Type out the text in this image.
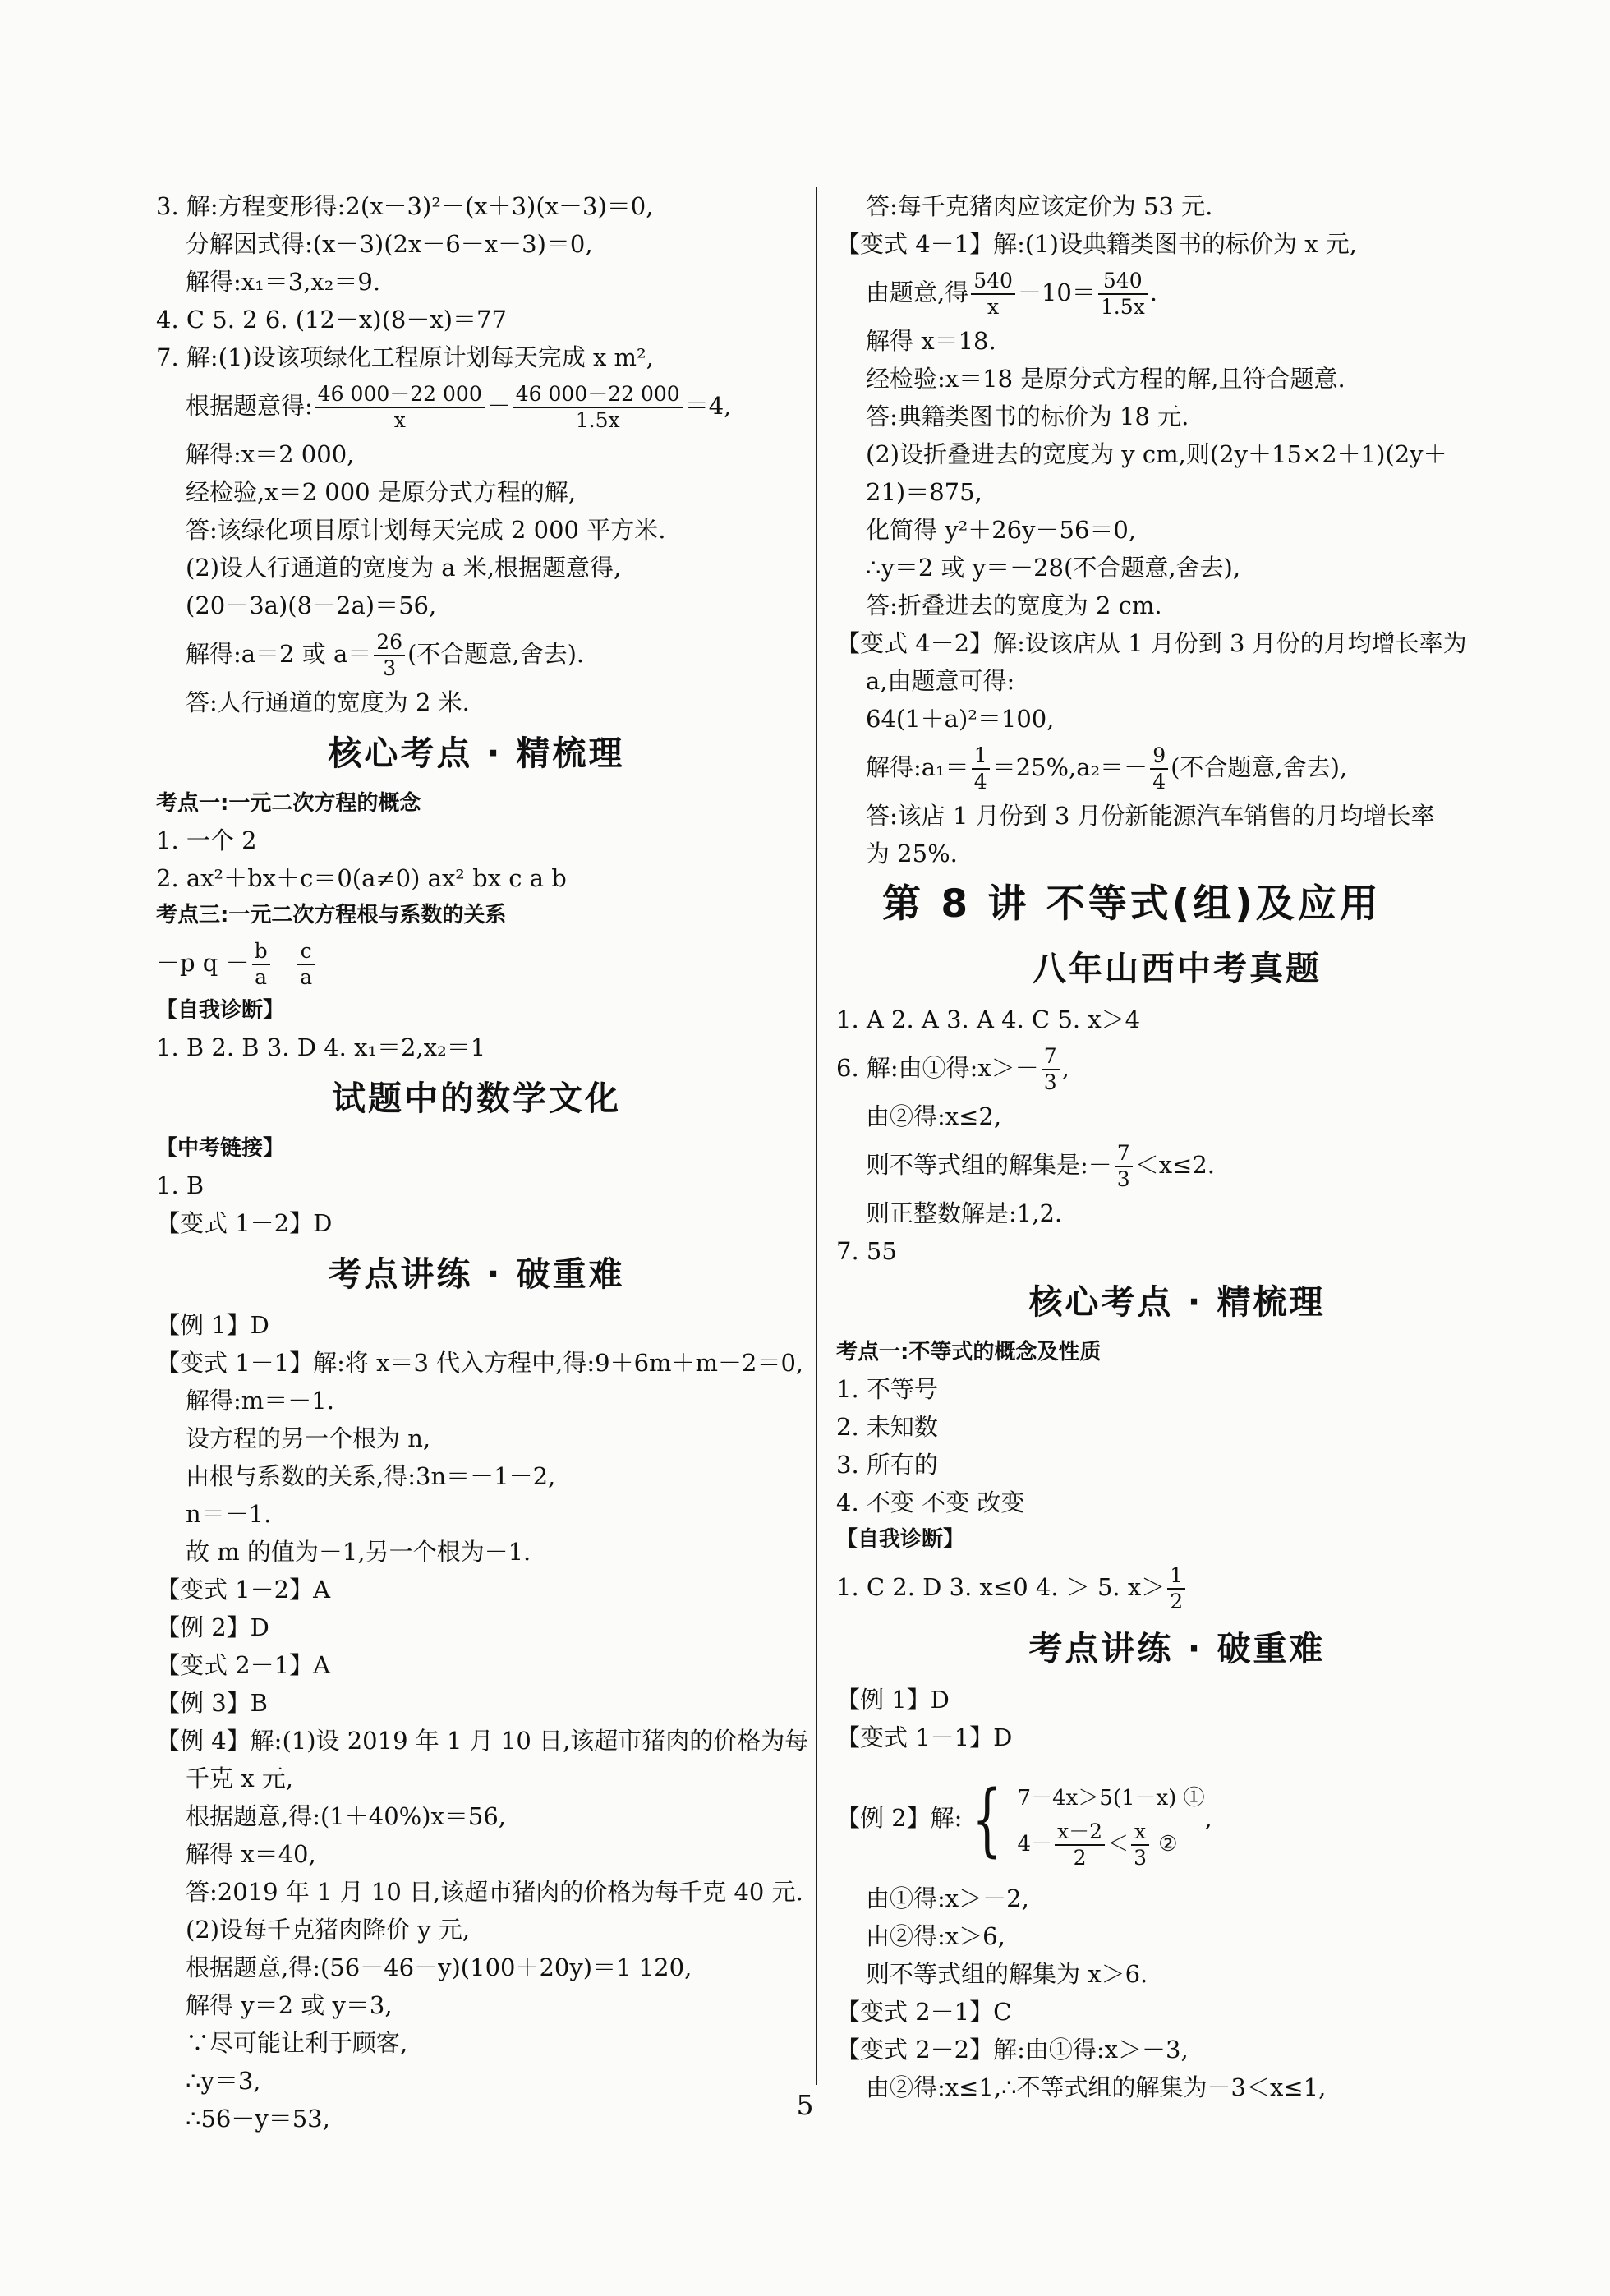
3. 解:方程变形得:2(x－3)²－(x＋3)(x－3)＝0,
分解因式得:(x－3)(2x－6－x－3)＝0,
解得:x₁＝3,x₂＝9.
4. C 5. 2 6. (12－x)(8－x)＝77
7. 解:(1)设该项绿化工程原计划每天完成 x m²,
根据题意得: $\frac{46 000-22 000}{x} - \frac{46 000-22 000}{1.5x} =4$,
解得:x＝2 000,
经检验,x＝2 000 是原分式方程的解,
答:该绿化项目原计划每天完成 2 000 平方米.
(2)设人行通道的宽度为 a 米,根据题意得,
(20－3a)(8－2a)＝56,
解得:a＝2 或 $a= \frac{26}{3}$ (不合题意,舍去).
答:人行通道的宽度为 2 米.
核心考点 · 精梳理
考点一:一元二次方程的概念
1. 一个 2
2. ax²＋bx＋c＝0(a≠0) ax² bx c a b
考点三:一元二次方程根与系数的关系
－p $q - \frac{b}{a}$
$\frac{c}{a}$
【自我诊断】
1. B 2. B 3. D 4. x₁＝2,x₂＝1
试题中的数学文化
【中考链接】
1. B
【变式 1－2】D
考点讲练 · 破重难
【例 1】D
【变式 1－1】解:将 x＝3 代入方程中,得:9＋6m＋m－2＝0,
解得:m＝－1.
设方程的另一个根为 n,
由根与系数的关系,得:3n＝－1－2,
n＝－1.
故 m 的值为－1,另一个根为－1.
【变式 1－2】A
【例 2】D
【变式 2－1】A
【例 3】B
【例 4】解:(1)设 2019 年 1 月 10 日,该超市猪肉的价格为每
千克 x 元,
根据题意,得:(1＋40%)x＝56,
解得 x＝40,
答:2019 年 1 月 10 日,该超市猪肉的价格为每千克 40 元.
(2)设每千克猪肉降价 y 元,
根据题意,得:(56－46－y)(100＋20y)＝1 120,
解得 y＝2 或 y＝3,
∵尽可能让利于顾客,
∴y＝3,
∴56－y＝53,
答:每千克猪肉应该定价为 53 元.
【变式 4－1】解:(1)设典籍类图书的标价为 x 元,
由题意,得 $\frac{540}{x} -10= \frac{540}{1.5x}$ .
解得 x＝18.
经检验:x＝18 是原分式方程的解,且符合题意.
答:典籍类图书的标价为 18 元.
(2)设折叠进去的宽度为 y cm,则(2y＋15×2＋1)(2y＋
21)＝875,
化简得 y²＋26y－56＝0,
∴y＝2 或 y＝－28(不合题意,舍去),
答:折叠进去的宽度为 2 cm.
【变式 4－2】解:设该店从 1 月份到 3 月份的月均增长率为
a,由题意可得:
64(1＋a)²＝100,
解得:a₁＝ $\frac{1}{4} =25\%,a_2=- \frac{9}{4}$ (不合题意,舍去),
答:该店 1 月份到 3 月份新能源汽车销售的月均增长率
为 25%.
第 8 讲 不等式(组)及应用
八年山西中考真题
1. A 2. A 3. A 4. C 5. x＞4
6. 解:由①得:x＞－ $\frac{7}{3}$ ,
由②得:x≤2,
则不等式组的解集是:－ $\frac{7}{3} <x\le 2$.
则正整数解是:1,2.
7. 55
核心考点 · 精梳理
考点一:不等式的概念及性质
1. 不等号
2. 未知数
3. 所有的
4. 不变 不变 改变
【自我诊断】
1. C 2. D 3. x≤0 4. ＞ 5. $x> \frac{1}{2}$
考点讲练 · 破重难
【例 1】D
【变式 1－1】D
【例 2】解: { 7－4x＞5(1－x) ①
$4- \frac{x-2}{2} < \frac{x}{3}$ ②
,
由①得:x＞－2,
由②得:x＞6,
则不等式组的解集为 x＞6.
【变式 2－1】C
【变式 2－2】解:由①得:x＞－3,
由②得:x≤1,∴不等式组的解集为－3＜x≤1,
5
